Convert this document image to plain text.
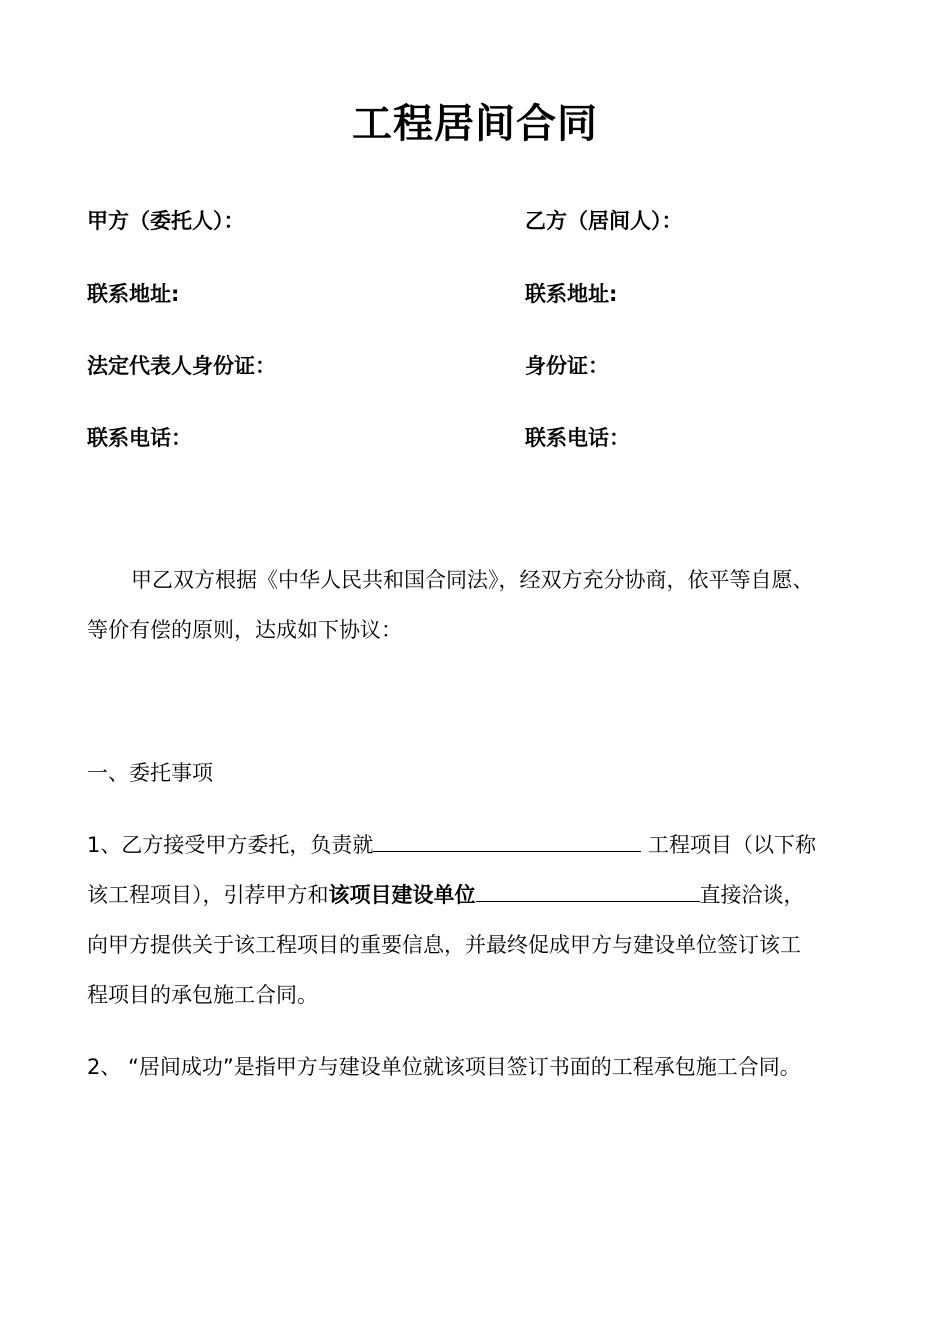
工程居间合同
甲方（委托人）：	乙方（居间人）：
联系地址:	联系地址:
法定代表人身份证：	身份证：
联系电话：	联系电话：
甲乙双方根据《中华人民共和国合同法》，经双方充分协商，依平等自愿、
等价有偿的原则，达成如下协议：
一、委托事项
1、乙方接受甲方委托，负责就	工程项目（以下称
该工程项目），引荐甲方和该项目建设单位	直接洽谈，
向甲方提供关于该工程项目的重要信息，并最终促成甲方与建设单位签订该工
程项目的承包施工合同。
2、 “居间成功”是指甲方与建设单位就该项目签订书面的工程承包施工合同。
